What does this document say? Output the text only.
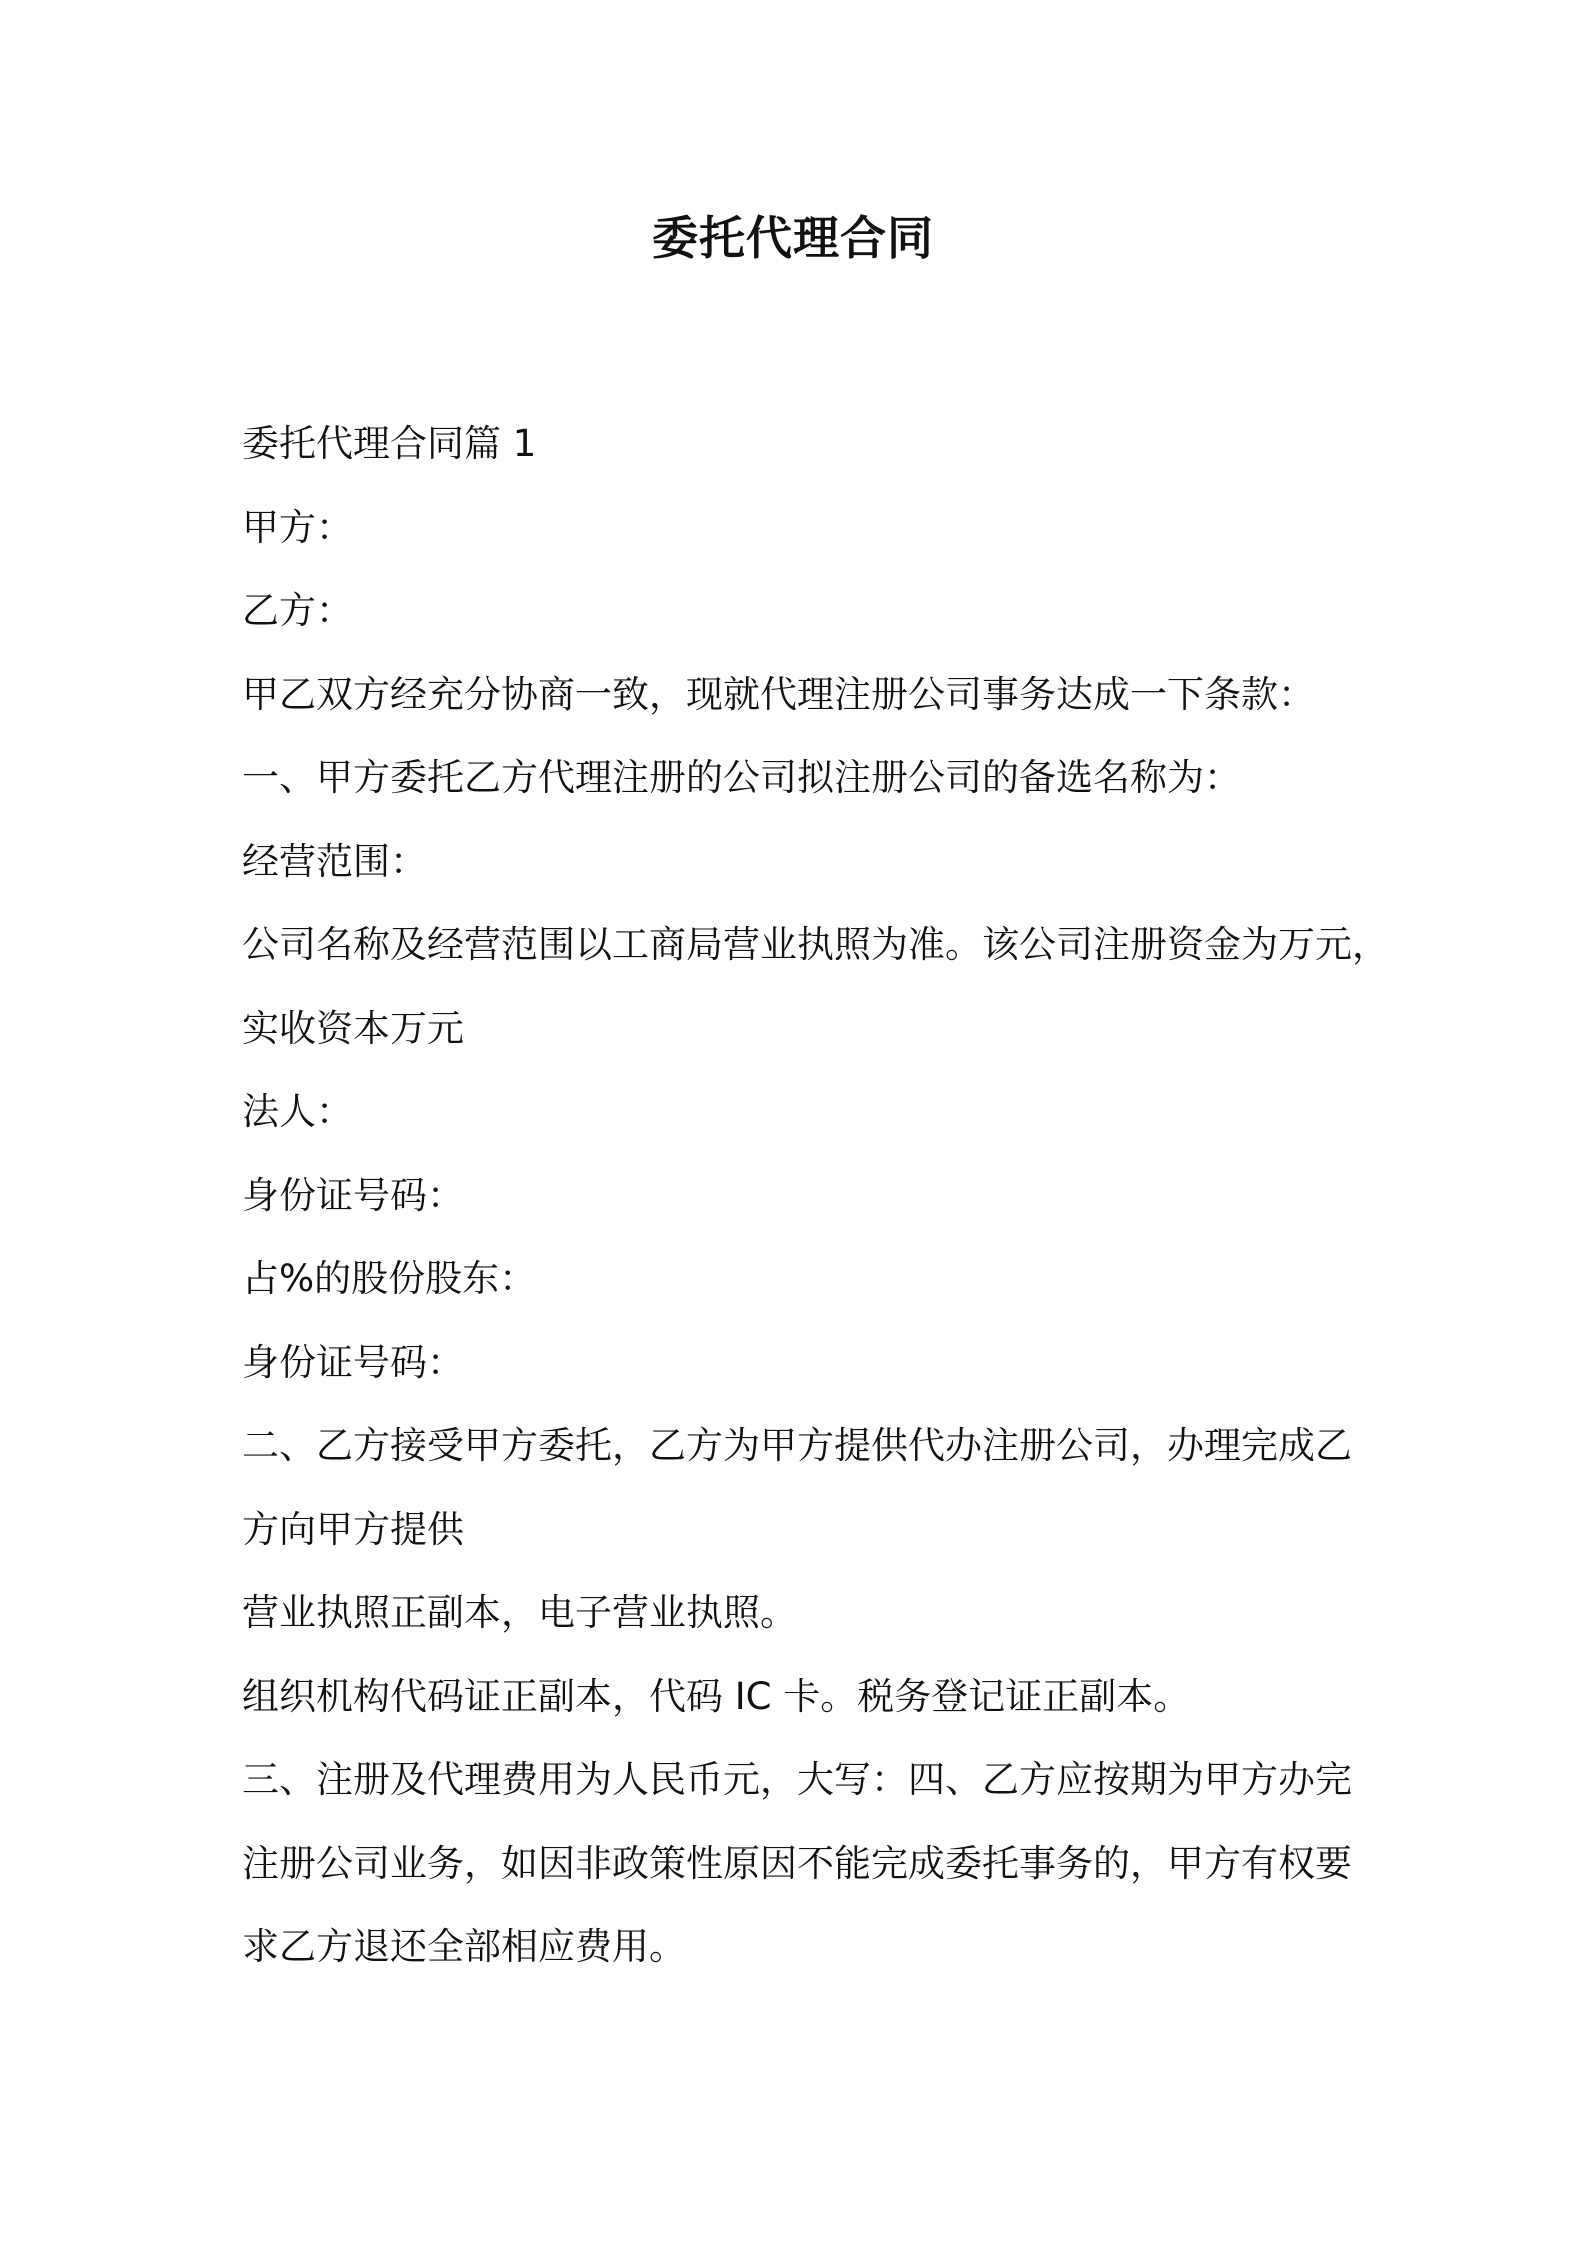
委托代理合同
委托代理合同篇 1
甲方：
乙方：
甲乙双方经充分协商一致，现就代理注册公司事务达成一下条款：
一、甲方委托乙方代理注册的公司拟注册公司的备选名称为：
经营范围：
公司名称及经营范围以工商局营业执照为准。该公司注册资金为万元，
实收资本万元
法人：
身份证号码：
占%的股份股东：
身份证号码：
二、乙方接受甲方委托，乙方为甲方提供代办注册公司，办理完成乙
方向甲方提供
营业执照正副本，电子营业执照。
组织机构代码证正副本，代码 IC 卡。税务登记证正副本。
三、注册及代理费用为人民币元，大写：四、乙方应按期为甲方办完
注册公司业务，如因非政策性原因不能完成委托事务的，甲方有权要
求乙方退还全部相应费用。
